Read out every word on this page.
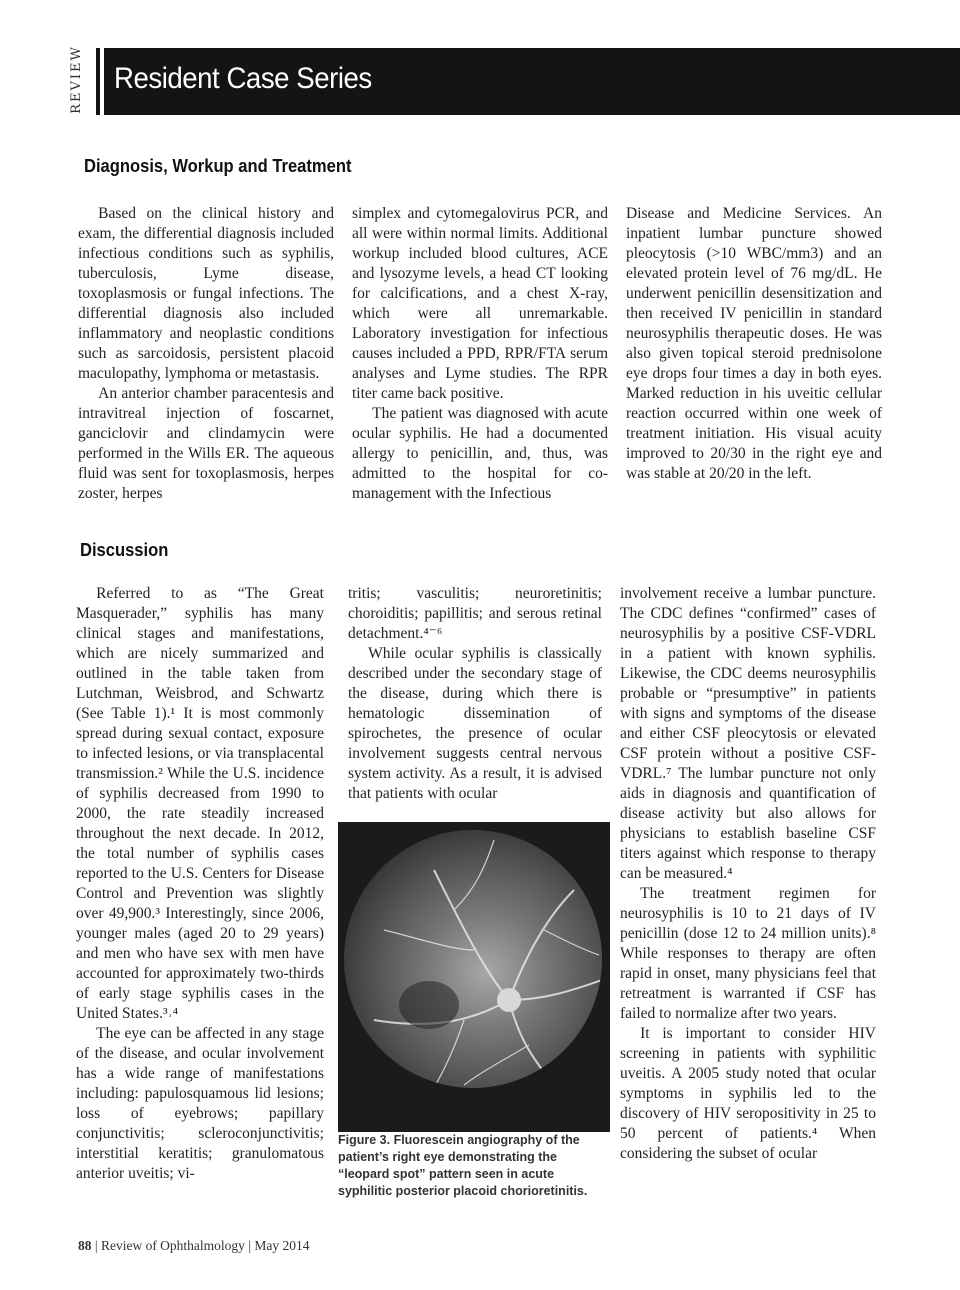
REVIEW Resident Case Series
Diagnosis, Workup and Treatment

Based on the clinical history and exam, the differential diagnosis included infectious conditions such as syphilis, tuberculosis, Lyme disease, toxoplasmosis or fungal infections. The differential diagnosis also included inflammatory and neoplastic conditions such as sarcoidosis, persistent placoid maculopathy, lymphoma or metastasis.

An anterior chamber paracentesis and intravitreal injection of foscarnet, ganciclovir and clindamycin were performed in the Wills ER. The aqueous fluid was sent for toxoplasmosis, herpes zoster, herpes

simplex and cytomegalovirus PCR, and all were within normal limits. Additional workup included blood cultures, ACE and lysozyme levels, a head CT looking for calcifications, and a chest X-ray, which were all unremarkable. Laboratory investigation for infectious causes included a PPD, RPR/FTA serum analyses and Lyme studies. The RPR titer came back positive.

The patient was diagnosed with acute ocular syphilis. He had a documented allergy to penicillin, and, thus, was admitted to the hospital for co-management with the Infectious

Disease and Medicine Services. An inpatient lumbar puncture showed pleocytosis (>10 WBC/mm3) and an elevated protein level of 76 mg/dL. He underwent penicillin desensitization and then received IV penicillin in standard neurosyphilis therapeutic doses. He was also given topical steroid prednisolone eye drops four times a day in both eyes. Marked reduction in his uveitic cellular reaction occurred within one week of treatment initiation. His visual acuity improved to 20/30 in the right eye and was stable at 20/20 in the left.

Discussion

Referred to as “The Great Masquerader,” syphilis has many clinical stages and manifestations, which are nicely summarized and outlined in the table taken from Lutchman, Weisbrod, and Schwartz (See Table 1).¹ It is most commonly spread during sexual contact, exposure to infected lesions, or via transplacental transmission.² While the U.S. incidence of syphilis decreased from 1990 to 2000, the rate steadily increased throughout the next decade. In 2012, the total number of syphilis cases reported to the U.S. Centers for Disease Control and Prevention was slightly over 49,900.³ Interestingly, since 2006, younger males (aged 20 to 29 years) and men who have sex with men have accounted for approximately two-thirds of early stage syphilis cases in the United States.³˒⁴

The eye can be affected in any stage of the disease, and ocular involvement has a wide range of manifestations including: papulosquamous lid lesions; loss of eyebrows; papillary conjunctivitis; scleroconjunctivitis; interstitial keratitis; granulomatous anterior uveitis; vi-

tritis; vasculitis; neuroretinitis; choroiditis; papillitis; and serous retinal detachment.⁴⁻⁶

While ocular syphilis is classically described under the secondary stage of the disease, during which there is hematologic dissemination of spirochetes, the presence of ocular involvement suggests central nervous system activity. As a result, it is advised that patients with ocular

involvement receive a lumbar puncture. The CDC defines “confirmed” cases of neurosyphilis by a positive CSF-VDRL in a patient with known syphilis. Likewise, the CDC deems neurosyphilis probable or “presumptive” in patients with signs and symptoms of the disease and either CSF pleocytosis or elevated CSF protein without a positive CSF-VDRL.⁷ The lumbar puncture not only aids in diagnosis and quantification of disease activity but also allows for physicians to establish baseline CSF titers against which response to therapy can be measured.⁴

The treatment regimen for neurosyphilis is 10 to 21 days of IV penicillin (dose 12 to 24 million units).⁸ While responses to therapy are often rapid in onset, many physicians feel that retreatment is warranted if CSF has failed to normalize after two years.

It is important to consider HIV screening in patients with syphilitic uveitis. A 2005 study noted that ocular symptoms in syphilis led to the discovery of HIV seropositivity in 25 to 50 percent of patients.⁴ When considering the subset of ocular

Figure 3. Fluorescein angiography of the patient’s right eye demonstrating the “leopard spot” pattern seen in acute syphilitic posterior placoid chorioretinitis.
88 | Review of Ophthalmology | May 2014
